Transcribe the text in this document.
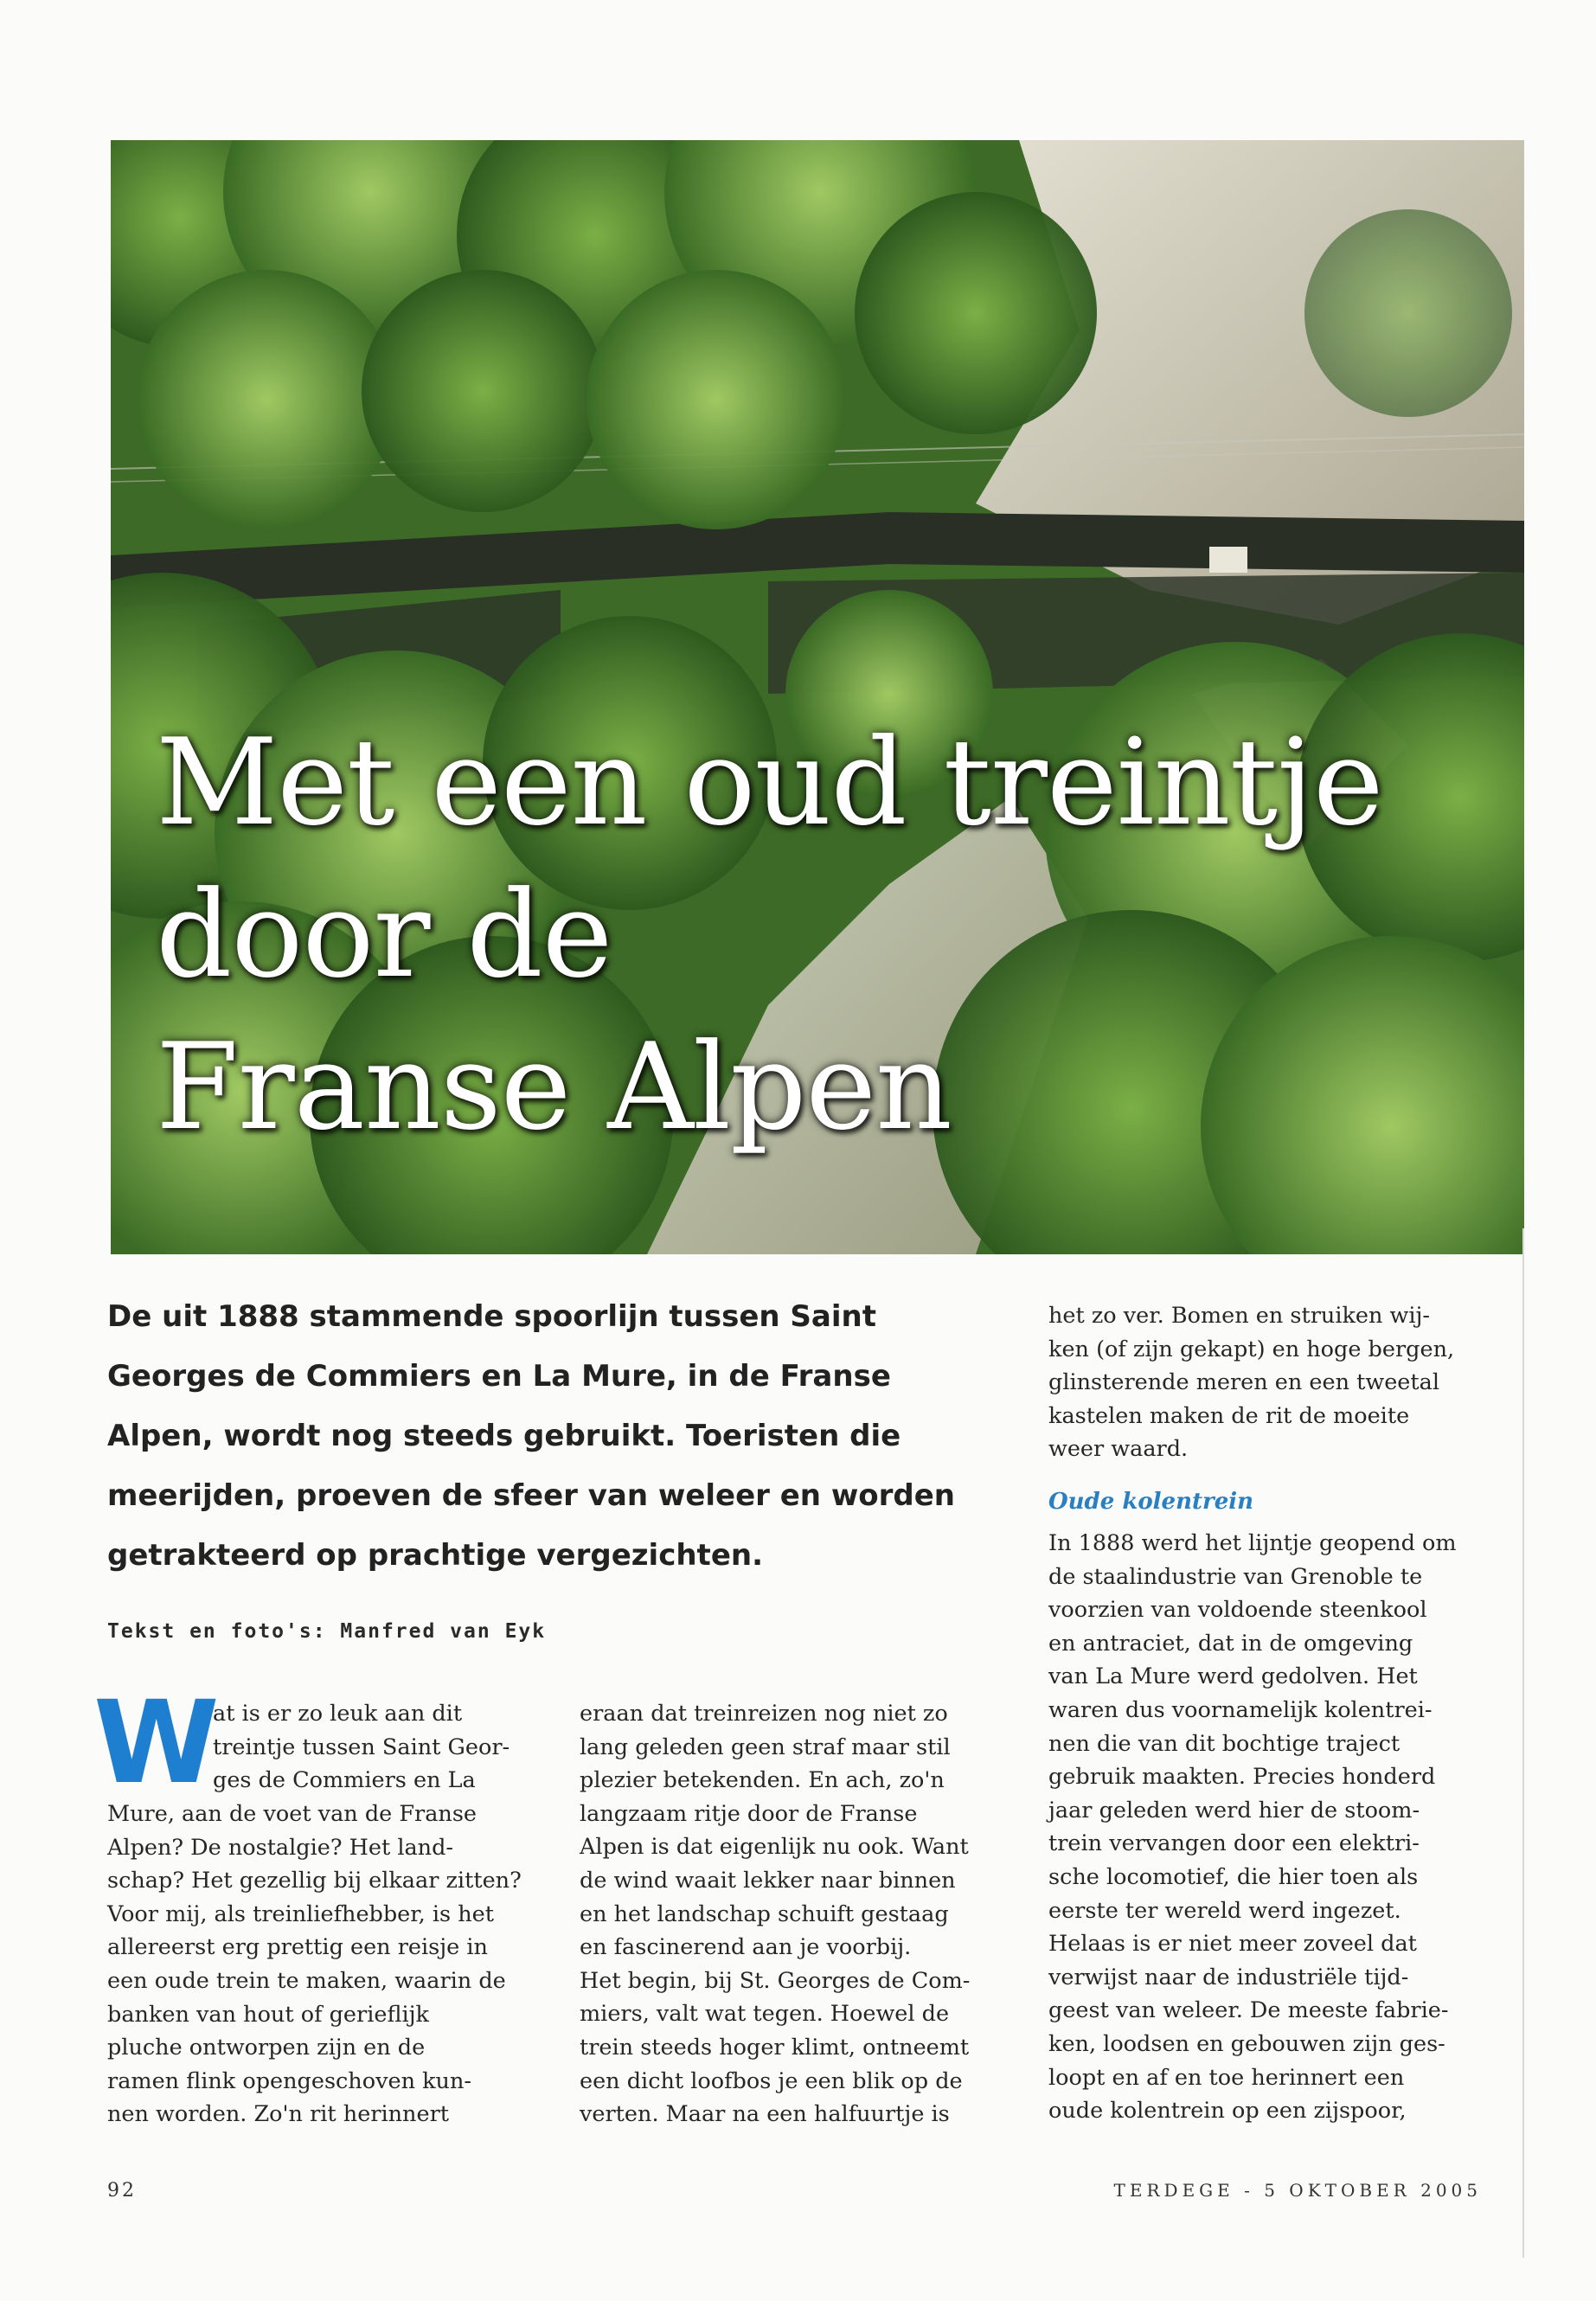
Met een oud treintje
door de
Franse Alpen

De uit 1888 stammende spoorlijn tussen Saint Georges de Commiers en La Mure, in de Franse Alpen, wordt nog steeds gebruikt. Toeristen die meerijden, proeven de sfeer van weleer en worden getrakteerd op prachtige vergezichten.

Tekst en foto's: Manfred van Eyk

W

at is er zo leuk aan dit
treintje tussen Saint Geor-
ges de Commiers en La

Mure, aan de voet van de Franse
Alpen? De nostalgie? Het land-
schap? Het gezellig bij elkaar zitten?
Voor mij, als treinliefhebber, is het
allereerst erg prettig een reisje in
een oude trein te maken, waarin de
banken van hout of gerieflijk
pluche ontworpen zijn en de
ramen flink opengeschoven kun-
nen worden. Zo'n rit herinnert

eraan dat treinreizen nog niet zo
lang geleden geen straf maar stil
plezier betekenden. En ach, zo'n
langzaam ritje door de Franse
Alpen is dat eigenlijk nu ook. Want
de wind waait lekker naar binnen
en het landschap schuift gestaag
en fascinerend aan je voorbij.
Het begin, bij St. Georges de Com-
miers, valt wat tegen. Hoewel de
trein steeds hoger klimt, ontneemt
een dicht loofbos je een blik op de
verten. Maar na een halfuurtje is

het zo ver. Bomen en struiken wij-
ken (of zijn gekapt) en hoge bergen,
glinsterende meren en een tweetal
kastelen maken de rit de moeite
weer waard.

Oude kolentrein

In 1888 werd het lijntje geopend om
de staalindustrie van Grenoble te
voorzien van voldoende steenkool
en antraciet, dat in de omgeving
van La Mure werd gedolven. Het
waren dus voornamelijk kolentrei-
nen die van dit bochtige traject
gebruik maakten. Precies honderd
jaar geleden werd hier de stoom-
trein vervangen door een elektri-
sche locomotief, die hier toen als
eerste ter wereld werd ingezet.
Helaas is er niet meer zoveel dat
verwijst naar de industriële tijd-
geest van weleer. De meeste fabrie-
ken, loodsen en gebouwen zijn ges-
loopt en af en toe herinnert een
oude kolentrein op een zijspoor,

92	TERDEGE - 5 OKTOBER 2005
